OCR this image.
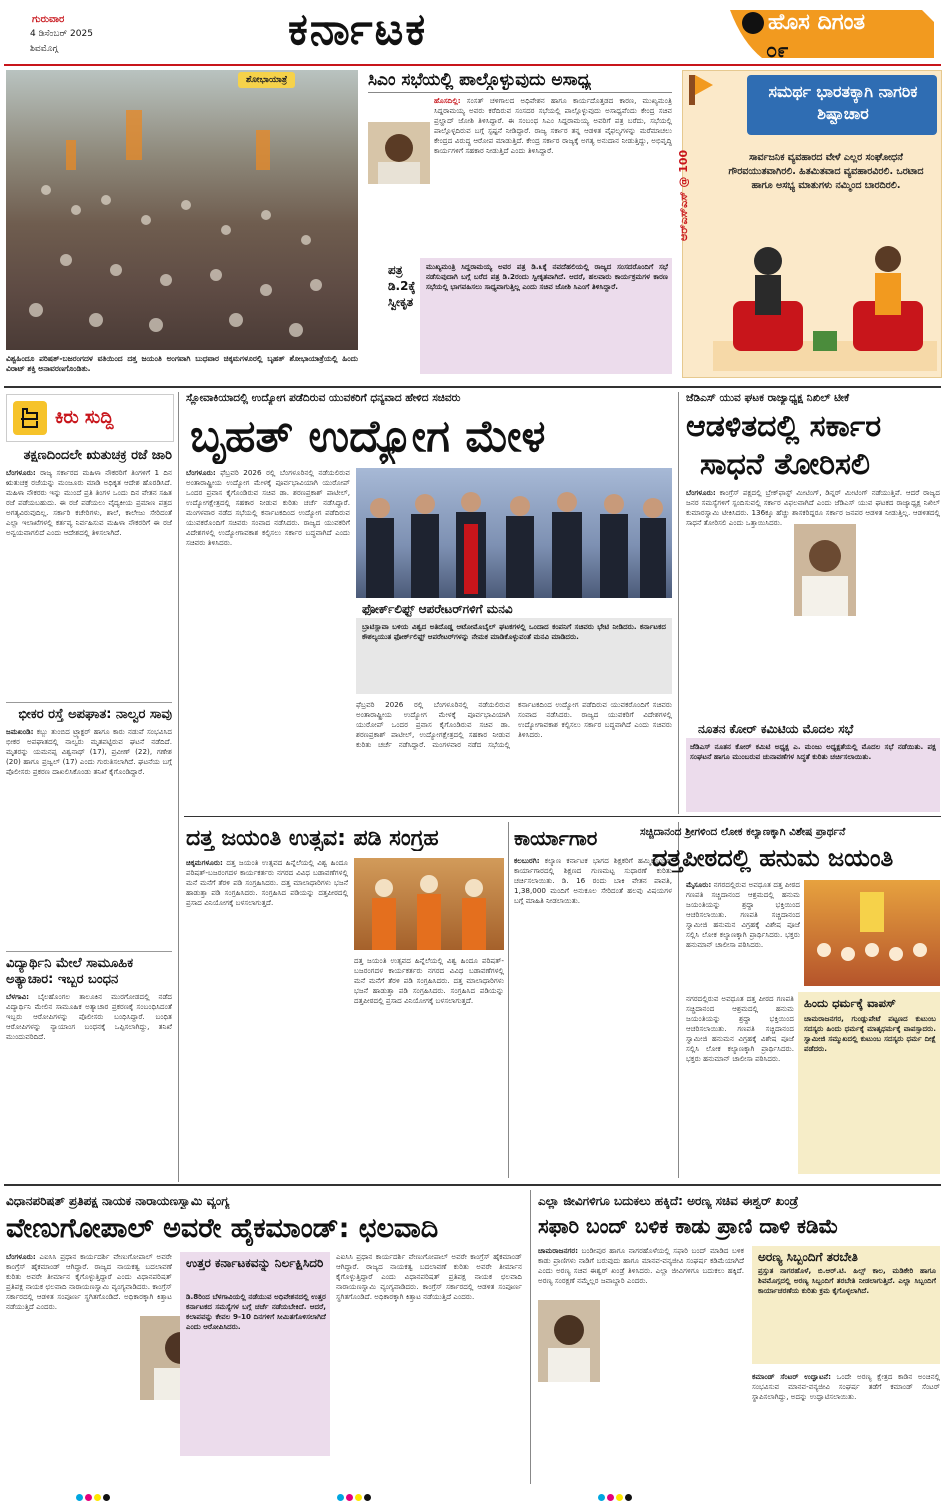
ಗುರುವಾರ
4 ಡಿಸೆಂಬರ್ 2025
ಶಿವಮೊಗ್ಗ	ಕರ್ನಾಟಕ	ಹೊಸ ದಿಗಂತ
೦೯
ಶೋಭಾಯಾತ್ರೆ
ವಿಶ್ವಹಿಂದೂ ಪರಿಷತ್-ಬಜರಂಗದಳ ವತಿಯಿಂದ ದತ್ತ ಜಯಂತಿ ಅಂಗವಾಗಿ ಬುಧವಾರ ಚಿಕ್ಕಮಗಳೂರಲ್ಲಿ ಬೃಹತ್ ಶೋಭಾಯಾತ್ರೆಯಲ್ಲಿ ಹಿಂದು ವಿರಾಟ್ ಶಕ್ತಿ ಅನಾವರಣಗೊಂಡಿತು.
ಸಿಎಂ ಸಭೆಯಲ್ಲಿ ಪಾಲ್ಗೊಳ್ಳುವುದು ಅಸಾಧ್ಯ
ಹೊಸದಿಲ್ಲಿ: ಸಂಸತ್ ಚಳಿಗಾಲದ ಅಧಿವೇಶನ ಹಾಗೂ ಕಾರ್ಯದೊತ್ತಡದ ಕಾರಣ, ಮುಖ್ಯಮಂತ್ರಿ ಸಿದ್ದರಾಮಯ್ಯ ಅವರು ಕರೆದಿರುವ ಸಂಸದರ ಸಭೆಯಲ್ಲಿ ಪಾಲ್ಗೊಳ್ಳುವುದು ಅಸಾಧ್ಯವೆಂದು ಕೇಂದ್ರ ಸಚಿವ ಪ್ರಲ್ಹಾದ್ ಜೋಶಿ ತಿಳಿಸಿದ್ದಾರೆ. ಈ ಸಂಬಂಧ ಸಿಎಂ ಸಿದ್ದರಾಮಯ್ಯ ಅವರಿಗೆ ಪತ್ರ ಬರೆದು, ಸಭೆಯಲ್ಲಿ ಪಾಲ್ಗೊಳ್ಳದಿರುವ ಬಗ್ಗೆ ಸ್ಪಷ್ಟನೆ ನೀಡಿದ್ದಾರೆ. ರಾಜ್ಯ ಸರ್ಕಾರ ತನ್ನ ಆಡಳಿತ ವೈಫಲ್ಯಗಳನ್ನು ಮರೆಮಾಚಲು ಕೇಂದ್ರದ ವಿರುದ್ಧ ಆರೋಪ ಮಾಡುತ್ತಿದೆ. ಕೇಂದ್ರ ಸರ್ಕಾರ ರಾಜ್ಯಕ್ಕೆ ಅಗತ್ಯ ಅನುದಾನ ನೀಡುತ್ತಿದ್ದು, ಅಭಿವೃದ್ಧಿ ಕಾರ್ಯಗಳಿಗೆ ಸಹಕಾರ ನೀಡುತ್ತಿದೆ ಎಂದು ತಿಳಿಸಿದ್ದಾರೆ.
ಪತ್ರ ಡಿ.2ಕ್ಕೆ ಸ್ವೀಕೃತ
ಮುಖ್ಯಮಂತ್ರಿ ಸಿದ್ದರಾಮಯ್ಯ ಅವರ ಪತ್ರ ಡಿ.೩ಕ್ಕೆ ನವದೆಹಲಿಯಲ್ಲಿ ರಾಜ್ಯದ ಸಂಸದರೊಂದಿಗೆ ಸಭೆ ನಡೆಸುವುದಾಗಿ ಬಗ್ಗೆ ಬರೆದ ಪತ್ರ ಡಿ.2ರಂದು ಸ್ವೀಕೃತವಾಗಿದೆ. ಆದರೆ, ಹಲವಾರು ಕಾರ್ಯಕ್ರಮಗಳ ಕಾರಣ ಸಭೆಯಲ್ಲಿ ಭಾಗವಹಿಸಲು ಸಾಧ್ಯವಾಗುತ್ತಿಲ್ಲ ಎಂದು ಸಚಿವ ಜೋಶಿ ಸಿಎಂಗೆ ತಿಳಿಸಿದ್ದಾರೆ.
ಸಮರ್ಥ ಭಾರತಕ್ಕಾಗಿ ನಾಗರಿಕ ಶಿಷ್ಟಾಚಾರ
ಆರ್‌ಎಸ್‌ಎಸ್ @ 100	ಸಾರ್ವಜನಿಕ ವ್ಯವಹಾರದ ವೇಳೆ ಎಲ್ಲರ ಸಂಘೋಧನೆ ಗೌರವಯುತವಾಗಿರಲಿ. ಹಿತಮಿತವಾದ ವ್ಯವಹಾರವಿರಲಿ. ಒರಟಾದ ಹಾಗೂ ಅಸಭ್ಯ ಮಾತುಗಳು ನಮ್ಮಿಂದ ಬಾರದಿರಲಿ.
ಕಿರು ಸುದ್ದಿ
ತಕ್ಷಣದಿಂದಲೇ ಋತುಚಕ್ರ ರಜೆ ಜಾರಿ
ಬೆಂಗಳೂರು: ರಾಜ್ಯ ಸರ್ಕಾರದ ಮಹಿಳಾ ನೌಕರರಿಗೆ ತಿಂಗಳಿಗೆ 1 ದಿನ ಋತುಚಕ್ರ ರಜೆಯನ್ನು ಮಂಜೂರು ಮಾಡಿ ಅಧಿಕೃತ ಆದೇಶ ಹೊರಡಿಸಿದೆ. ಮಹಿಳಾ ನೌಕರರು ಇನ್ನು ಮುಂದೆ ಪ್ರತಿ ತಿಂಗಳ ಒಂದು ದಿನ ವೇತನ ಸಹಿತ ರಜೆ ಪಡೆಯಬಹುದು. ಈ ರಜೆ ಪಡೆಯಲು ವೈದ್ಯಕೀಯ ಪ್ರಮಾಣ ಪತ್ರದ ಅಗತ್ಯವಿರುವುದಿಲ್ಲ. ಸರ್ಕಾರಿ ಕಚೇರಿಗಳು, ಶಾಲೆ, ಕಾಲೇಜು ಸೇರಿದಂತೆ ಎಲ್ಲಾ ಇಲಾಖೆಗಳಲ್ಲಿ ಕರ್ತವ್ಯ ನಿರ್ವಹಿಸುವ ಮಹಿಳಾ ನೌಕರರಿಗೆ ಈ ರಜೆ ಅನ್ವಯವಾಗಲಿದೆ ಎಂದು ಆದೇಶದಲ್ಲಿ ತಿಳಿಸಲಾಗಿದೆ.
ಭೀಕರ ರಸ್ತೆ ಅಪಘಾತ: ನಾಲ್ವರ ಸಾವು
ಜಮಖಂಡಿ: ಕಬ್ಬು ತುಂಬಿದ ಟ್ರ್ಯಾಕ್ಟರ್ ಹಾಗೂ ಕಾರು ನಡುವೆ ಸಂಭವಿಸಿದ ಭೀಕರ ಅಪಘಾತದಲ್ಲಿ ನಾಲ್ವರು ಮೃತಪಟ್ಟಿರುವ ಘಟನೆ ನಡೆದಿದೆ. ಮೃತರನ್ನು ಯಮನಪ್ಪ ವಿಶ್ವನಾಥ್ (17), ಪ್ರವೀಣ್ (22), ಗಣೇಶ (20) ಹಾಗೂ ಪ್ರಜ್ವಲ್ (17) ಎಂದು ಗುರುತಿಸಲಾಗಿದೆ. ಘಟನೆಯ ಬಗ್ಗೆ ಪೊಲೀಸರು ಪ್ರಕರಣ ದಾಖಲಿಸಿಕೊಂಡು ತನಿಖೆ ಕೈಗೊಂಡಿದ್ದಾರೆ.
ವಿದ್ಯಾರ್ಥಿನಿ ಮೇಲೆ ಸಾಮೂಹಿಕ ಅತ್ಯಾಚಾರ: ಇಬ್ಬರ ಬಂಧನ
ಬೆಳಗಾವಿ: ಬೈಲಹೊಂಗಲ ತಾಲೂಕಿನ ಮುರಗೋಡದಲ್ಲಿ ನಡೆದ ವಿದ್ಯಾರ್ಥಿನಿ ಮೇಲಿನ ಸಾಮೂಹಿಕ ಅತ್ಯಾಚಾರ ಪ್ರಕರಣಕ್ಕೆ ಸಂಬಂಧಿಸಿದಂತೆ ಇಬ್ಬರು ಆರೋಪಿಗಳನ್ನು ಪೊಲೀಸರು ಬಂಧಿಸಿದ್ದಾರೆ. ಬಂಧಿತ ಆರೋಪಿಗಳನ್ನು ನ್ಯಾಯಾಂಗ ಬಂಧನಕ್ಕೆ ಒಪ್ಪಿಸಲಾಗಿದ್ದು, ತನಿಖೆ ಮುಂದುವರಿದಿದೆ.
ಸ್ಲೋವಾಕಿಯಾದಲ್ಲಿ ಉದ್ಯೋಗ ಪಡೆದಿರುವ ಯುವಕರಿಗೆ ಧನ್ಯವಾದ ಹೇಳಿದ ಸಚಿವರು
ಬೃಹತ್ ಉದ್ಯೋಗ ಮೇಳ
ಬೆಂಗಳೂರು: ಫೆಬ್ರವರಿ 2026 ರಲ್ಲಿ ಬೆಂಗಳೂರಿನಲ್ಲಿ ನಡೆಯಲಿರುವ ಅಂತಾರಾಷ್ಟ್ರೀಯ ಉದ್ಯೋಗ ಮೇಳಕ್ಕೆ ಪೂರ್ವಭಾವಿಯಾಗಿ ಯುರೋಪ್ ಒಂದರ ಪ್ರವಾಸ ಕೈಗೊಂಡಿರುವ ಸಚಿವ ಡಾ. ಶರಣಪ್ರಕಾಶ್ ಪಾಟೀಲ್, ಉದ್ಯೋಗಕ್ಷೇತ್ರದಲ್ಲಿ ಸಹಕಾರ ನೀಡುವ ಕುರಿತು ಚರ್ಚೆ ನಡೆಸಿದ್ದಾರೆ. ಮಂಗಳವಾರ ನಡೆದ ಸಭೆಯಲ್ಲಿ ಕರ್ನಾಟಕದಿಂದ ಉದ್ಯೋಗ ಪಡೆದಿರುವ ಯುವಕರೊಂದಿಗೆ ಸಚಿವರು ಸಂವಾದ ನಡೆಸಿದರು. ರಾಜ್ಯದ ಯುವಕರಿಗೆ ವಿದೇಶಗಳಲ್ಲಿ ಉದ್ಯೋಗಾವಕಾಶ ಕಲ್ಪಿಸಲು ಸರ್ಕಾರ ಬದ್ಧವಾಗಿದೆ ಎಂದು ಸಚಿವರು ತಿಳಿಸಿದರು.
ಫೋರ್ಕ್‌ಲಿಫ್ಟ್ ಆಪರೇಟರ್‌ಗಳಿಗೆ ಮನವಿ
ಬ್ರಾಟಿಸ್ಲಾವಾ ಬಳಿಯ ವಿಶ್ವದ ಅತಿದೊಡ್ಡ ಆಟೋಮೊಬೈಲ್ ಘಟಕಗಳಲ್ಲಿ ಒಂದಾದ ಕಂಪನಿಗೆ ಸಚಿವರು ಭೇಟಿ ನೀಡಿದರು. ಕರ್ನಾಟಕದ ಕೌಶಲ್ಯಯುತ ಫೋರ್ಕ್‌ಲಿಫ್ಟ್ ಆಪರೇಟರ್‌ಗಳನ್ನು ನೇಮಕ ಮಾಡಿಕೊಳ್ಳುವಂತೆ ಮನವಿ ಮಾಡಿದರು.
ಫೆಬ್ರವರಿ 2026 ರಲ್ಲಿ ಬೆಂಗಳೂರಿನಲ್ಲಿ ನಡೆಯಲಿರುವ ಅಂತಾರಾಷ್ಟ್ರೀಯ ಉದ್ಯೋಗ ಮೇಳಕ್ಕೆ ಪೂರ್ವಭಾವಿಯಾಗಿ ಯುರೋಪ್ ಒಂದರ ಪ್ರವಾಸ ಕೈಗೊಂಡಿರುವ ಸಚಿವ ಡಾ. ಶರಣಪ್ರಕಾಶ್ ಪಾಟೀಲ್, ಉದ್ಯೋಗಕ್ಷೇತ್ರದಲ್ಲಿ ಸಹಕಾರ ನೀಡುವ ಕುರಿತು ಚರ್ಚೆ ನಡೆಸಿದ್ದಾರೆ. ಮಂಗಳವಾರ ನಡೆದ ಸಭೆಯಲ್ಲಿ ಕರ್ನಾಟಕದಿಂದ ಉದ್ಯೋಗ ಪಡೆದಿರುವ ಯುವಕರೊಂದಿಗೆ ಸಚಿವರು ಸಂವಾದ ನಡೆಸಿದರು. ರಾಜ್ಯದ ಯುವಕರಿಗೆ ವಿದೇಶಗಳಲ್ಲಿ ಉದ್ಯೋಗಾವಕಾಶ ಕಲ್ಪಿಸಲು ಸರ್ಕಾರ ಬದ್ಧವಾಗಿದೆ ಎಂದು ಸಚಿವರು ತಿಳಿಸಿದರು.
ಜೆಡಿಎಸ್ ಯುವ ಘಟಕ ರಾಜ್ಯಾಧ್ಯಕ್ಷ ನಿಖಿಲ್ ಟೀಕೆ
ಆಡಳಿತದಲ್ಲಿ ಸರ್ಕಾರ
ಸಾಧನೆ ತೋರಿಸಲಿ
ಬೆಂಗಳೂರು: ಕಾಂಗ್ರೆಸ್ ಪಕ್ಷದಲ್ಲಿ ಬ್ರೇಕ್‌ಫಾಸ್ಟ್ ಮೀಟಿಂಗ್, ಡಿನ್ನರ್ ಮೀಟಿಂಗ್ ನಡೆಯುತ್ತಿವೆ. ಆದರೆ ರಾಜ್ಯದ ಜನರ ಸಮಸ್ಯೆಗಳಿಗೆ ಸ್ಪಂದಿಸುವಲ್ಲಿ ಸರ್ಕಾರ ವಿಫಲವಾಗಿದೆ ಎಂದು ಜೆಡಿಎಸ್ ಯುವ ಘಟಕದ ರಾಜ್ಯಾಧ್ಯಕ್ಷ ನಿಖಿಲ್ ಕುಮಾರಸ್ವಾಮಿ ಟೀಕಿಸಿದರು. 136ಕ್ಕೂ ಹೆಚ್ಚು ಶಾಸಕರಿದ್ದರೂ ಸರ್ಕಾರ ಜನಪರ ಆಡಳಿತ ನೀಡುತ್ತಿಲ್ಲ. ಆಡಳಿತದಲ್ಲಿ ಸಾಧನೆ ತೋರಿಸಲಿ ಎಂದು ಒತ್ತಾಯಿಸಿದರು.
ನೂತನ ಕೋರ್ ಕಮಿಟಿಯ ಮೊದಲ ಸಭೆ
ಜೆಡಿಎಸ್ ನೂತನ ಕೋರ್ ಕಮಿಟಿ ಅಧ್ಯಕ್ಷ ಎ. ಮಂಜು ಅಧ್ಯಕ್ಷತೆಯಲ್ಲಿ ಮೊದಲ ಸಭೆ ನಡೆಯಿತು. ಪಕ್ಷ ಸಂಘಟನೆ ಹಾಗೂ ಮುಂಬರುವ ಚುನಾವಣೆಗಳ ಸಿದ್ಧತೆ ಕುರಿತು ಚರ್ಚಿಸಲಾಯಿತು.
ದತ್ತ ಜಯಂತಿ ಉತ್ಸವ: ಪಡಿ ಸಂಗ್ರಹ
ಚಿಕ್ಕಮಗಳೂರು: ದತ್ತ ಜಯಂತಿ ಉತ್ಸವದ ಹಿನ್ನೆಲೆಯಲ್ಲಿ ವಿಶ್ವ ಹಿಂದೂ ಪರಿಷತ್-ಬಜರಂಗದಳ ಕಾರ್ಯಕರ್ತರು ನಗರದ ವಿವಿಧ ಬಡಾವಣೆಗಳಲ್ಲಿ ಮನೆ ಮನೆಗೆ ತೆರಳಿ ಪಡಿ ಸಂಗ್ರಹಿಸಿದರು. ದತ್ತ ಮಾಲಾಧಾರಿಗಳು ಭಜನೆ ಹಾಡುತ್ತಾ ಪಡಿ ಸಂಗ್ರಹಿಸಿದರು. ಸಂಗ್ರಹಿಸಿದ ಪಡಿಯನ್ನು ದತ್ತಪೀಠದಲ್ಲಿ ಪ್ರಸಾದ ವಿನಿಯೋಗಕ್ಕೆ ಬಳಸಲಾಗುತ್ತದೆ.
ದತ್ತ ಜಯಂತಿ ಉತ್ಸವದ ಹಿನ್ನೆಲೆಯಲ್ಲಿ ವಿಶ್ವ ಹಿಂದೂ ಪರಿಷತ್-ಬಜರಂಗದಳ ಕಾರ್ಯಕರ್ತರು ನಗರದ ವಿವಿಧ ಬಡಾವಣೆಗಳಲ್ಲಿ ಮನೆ ಮನೆಗೆ ತೆರಳಿ ಪಡಿ ಸಂಗ್ರಹಿಸಿದರು. ದತ್ತ ಮಾಲಾಧಾರಿಗಳು ಭಜನೆ ಹಾಡುತ್ತಾ ಪಡಿ ಸಂಗ್ರಹಿಸಿದರು. ಸಂಗ್ರಹಿಸಿದ ಪಡಿಯನ್ನು ದತ್ತಪೀಠದಲ್ಲಿ ಪ್ರಸಾದ ವಿನಿಯೋಗಕ್ಕೆ ಬಳಸಲಾಗುತ್ತದೆ.
ಕಾರ್ಯಾಗಾರ
ಕಲಬುರಗಿ: ಕಲ್ಯಾಣ ಕರ್ನಾಟಕ ಭಾಗದ ಶಿಕ್ಷಕರಿಗೆ ಹಮ್ಮಿಕೊಂಡಿದ್ದ ಕಾರ್ಯಾಗಾರದಲ್ಲಿ ಶಿಕ್ಷಣದ ಗುಣಮಟ್ಟ ಸುಧಾರಣೆ ಕುರಿತು ಚರ್ಚಿಸಲಾಯಿತು. ಡಿ. 16 ರಂದು ಬಾಕಿ ವೇತನ ಪಾವತಿ, 1,38,000 ಮಂದಿಗೆ ಅನುಕೂಲ ಸೇರಿದಂತೆ ಹಲವು ವಿಷಯಗಳ ಬಗ್ಗೆ ಮಾಹಿತಿ ನೀಡಲಾಯಿತು.
ಸಚ್ಚಿದಾನಂದ ಶ್ರೀಗಳಿಂದ ಲೋಕ ಕಲ್ಯಾಣಕ್ಕಾಗಿ ವಿಶೇಷ ಪ್ರಾರ್ಥನೆ
ದತ್ತಪೀಠದಲ್ಲಿ ಹನುಮ ಜಯಂತಿ
ಮೈಸೂರು: ನಗರದಲ್ಲಿರುವ ಅವಧೂತ ದತ್ತ ಪೀಠದ ಗಣಪತಿ ಸಚ್ಚಿದಾನಂದ ಆಶ್ರಮದಲ್ಲಿ ಹನುಮ ಜಯಂತಿಯನ್ನು ಶ್ರದ್ಧಾ ಭಕ್ತಿಯಿಂದ ಆಚರಿಸಲಾಯಿತು. ಗಣಪತಿ ಸಚ್ಚಿದಾನಂದ ಸ್ವಾಮೀಜಿ ಹನುಮನ ವಿಗ್ರಹಕ್ಕೆ ವಿಶೇಷ ಪೂಜೆ ಸಲ್ಲಿಸಿ ಲೋಕ ಕಲ್ಯಾಣಕ್ಕಾಗಿ ಪ್ರಾರ್ಥಿಸಿದರು. ಭಕ್ತರು ಹನುಮಾನ್ ಚಾಲೀಸಾ ಪಠಿಸಿದರು.
ನಗರದಲ್ಲಿರುವ ಅವಧೂತ ದತ್ತ ಪೀಠದ ಗಣಪತಿ ಸಚ್ಚಿದಾನಂದ ಆಶ್ರಮದಲ್ಲಿ ಹನುಮ ಜಯಂತಿಯನ್ನು ಶ್ರದ್ಧಾ ಭಕ್ತಿಯಿಂದ ಆಚರಿಸಲಾಯಿತು. ಗಣಪತಿ ಸಚ್ಚಿದಾನಂದ ಸ್ವಾಮೀಜಿ ಹನುಮನ ವಿಗ್ರಹಕ್ಕೆ ವಿಶೇಷ ಪೂಜೆ ಸಲ್ಲಿಸಿ ಲೋಕ ಕಲ್ಯಾಣಕ್ಕಾಗಿ ಪ್ರಾರ್ಥಿಸಿದರು. ಭಕ್ತರು ಹನುಮಾನ್ ಚಾಲೀಸಾ ಪಠಿಸಿದರು.
ಹಿಂದು ಧರ್ಮಕ್ಕೆ ವಾಪಸ್
ಚಾಮರಾಜನಗರ, ಗುಂಡ್ಲುಪೇಟೆ ಪಟ್ಟಣದ ಕುಟುಂಬ ಸದಸ್ಯರು ಹಿಂದು ಧರ್ಮಕ್ಕೆ ಮಾತೃಧರ್ಮಕ್ಕೆ ವಾಪಸ್ಸಾದರು. ಸ್ವಾಮೀಜಿ ಸಮ್ಮುಖದಲ್ಲಿ ಕುಟುಂಬ ಸದಸ್ಯರು ಧರ್ಮ ದೀಕ್ಷೆ ಪಡೆದರು.
ವಿಧಾನಪರಿಷತ್ ಪ್ರತಿಪಕ್ಷ ನಾಯಕ ನಾರಾಯಣಸ್ವಾಮಿ ವ್ಯಂಗ್ಯ
ವೇಣುಗೋಪಾಲ್ ಅವರೇ ಹೈಕಮಾಂಡ್: ಛಲವಾದಿ
ಬೆಂಗಳೂರು: ಎಐಸಿಸಿ ಪ್ರಧಾನ ಕಾರ್ಯದರ್ಶಿ ವೇಣುಗೋಪಾಲ್ ಅವರೇ ಕಾಂಗ್ರೆಸ್ ಹೈಕಮಾಂಡ್ ಆಗಿದ್ದಾರೆ. ರಾಜ್ಯದ ನಾಯಕತ್ವ ಬದಲಾವಣೆ ಕುರಿತು ಅವರೇ ತೀರ್ಮಾನ ಕೈಗೊಳ್ಳುತ್ತಿದ್ದಾರೆ ಎಂದು ವಿಧಾನಪರಿಷತ್ ಪ್ರತಿಪಕ್ಷ ನಾಯಕ ಛಲವಾದಿ ನಾರಾಯಣಸ್ವಾಮಿ ವ್ಯಂಗ್ಯವಾಡಿದರು. ಕಾಂಗ್ರೆಸ್ ಸರ್ಕಾರದಲ್ಲಿ ಆಡಳಿತ ಸಂಪೂರ್ಣ ಸ್ಥಗಿತಗೊಂಡಿದೆ. ಅಧಿಕಾರಕ್ಕಾಗಿ ಕಿತ್ತಾಟ ನಡೆಯುತ್ತಿದೆ ಎಂದರು.
ಉತ್ತರ ಕರ್ನಾಟಕವನ್ನು ನಿರ್ಲಕ್ಷಿಸಿದರಿ
ಡಿ.8ರಿಂದ ಬೆಳಗಾವಿಯಲ್ಲಿ ನಡೆಯುವ ಅಧಿವೇಶನದಲ್ಲಿ ಉತ್ತರ ಕರ್ನಾಟಕದ ಸಮಸ್ಯೆಗಳ ಬಗ್ಗೆ ಚರ್ಚೆ ನಡೆಯಬೇಕಿದೆ. ಆದರೆ, ಕಲಾಪವನ್ನು ಕೇವಲ 9-10 ದಿನಗಳಿಗೆ ಸೀಮಿತಗೊಳಿಸಲಾಗಿದೆ ಎಂದು ಆರೋಪಿಸಿದರು.
ಎಐಸಿಸಿ ಪ್ರಧಾನ ಕಾರ್ಯದರ್ಶಿ ವೇಣುಗೋಪಾಲ್ ಅವರೇ ಕಾಂಗ್ರೆಸ್ ಹೈಕಮಾಂಡ್ ಆಗಿದ್ದಾರೆ. ರಾಜ್ಯದ ನಾಯಕತ್ವ ಬದಲಾವಣೆ ಕುರಿತು ಅವರೇ ತೀರ್ಮಾನ ಕೈಗೊಳ್ಳುತ್ತಿದ್ದಾರೆ ಎಂದು ವಿಧಾನಪರಿಷತ್ ಪ್ರತಿಪಕ್ಷ ನಾಯಕ ಛಲವಾದಿ ನಾರಾಯಣಸ್ವಾಮಿ ವ್ಯಂಗ್ಯವಾಡಿದರು. ಕಾಂಗ್ರೆಸ್ ಸರ್ಕಾರದಲ್ಲಿ ಆಡಳಿತ ಸಂಪೂರ್ಣ ಸ್ಥಗಿತಗೊಂಡಿದೆ. ಅಧಿಕಾರಕ್ಕಾಗಿ ಕಿತ್ತಾಟ ನಡೆಯುತ್ತಿದೆ ಎಂದರು.
ಎಲ್ಲಾ ಜೀವಿಗಳಿಗೂ ಬದುಕಲು ಹಕ್ಕಿದೆ: ಅರಣ್ಯ ಸಚಿವ ಈಶ್ವರ್ ಖಂಡ್ರೆ
ಸಫಾರಿ ಬಂದ್ ಬಳಿಕ ಕಾಡು ಪ್ರಾಣಿ ದಾಳಿ ಕಡಿಮೆ
ಚಾಮರಾಜನಗರ: ಬಂಡೀಪುರ ಹಾಗೂ ನಾಗರಹೊಳೆಯಲ್ಲಿ ಸಫಾರಿ ಬಂದ್ ಮಾಡಿದ ಬಳಿಕ ಕಾಡು ಪ್ರಾಣಿಗಳು ನಾಡಿಗೆ ಬರುವುದು ಹಾಗೂ ಮಾನವ-ವನ್ಯಜೀವಿ ಸಂಘರ್ಷ ಕಡಿಮೆಯಾಗಿದೆ ಎಂದು ಅರಣ್ಯ ಸಚಿವ ಈಶ್ವರ್ ಖಂಡ್ರೆ ತಿಳಿಸಿದರು. ಎಲ್ಲಾ ಜೀವಿಗಳಿಗೂ ಬದುಕಲು ಹಕ್ಕಿದೆ. ಅರಣ್ಯ ಸಂರಕ್ಷಣೆ ನಮ್ಮೆಲ್ಲರ ಜವಾಬ್ದಾರಿ ಎಂದರು.
ಅರಣ್ಯ ಸಿಬ್ಬಂದಿಗೆ ತರಬೇತಿ
ಪ್ರಸ್ತುತ ನಾಗರಹೊಳೆ, ಬಿ.ಆರ್.ಟಿ. ಹಿಲ್ಸ್ ಕಾಲ, ಮಡಿಕೇರಿ ಹಾಗೂ ಶಿವಮೊಗ್ಗದಲ್ಲಿ ಅರಣ್ಯ ಸಿಬ್ಬಂದಿಗೆ ತರಬೇತಿ ನೀಡಲಾಗುತ್ತಿದೆ. ಎಲ್ಲಾ ಸಿಬ್ಬಂದಿಗೆ ಕಾರ್ಯಾಚರಣೆಯ ಕುರಿತು ಕ್ರಮ ಕೈಗೊಳ್ಳಲಾಗಿದೆ.
ಕಮಾಂಡ್ ಸೆಂಟರ್ ಉದ್ಘಾಟನೆ: ಒಂದೇ ಅರಣ್ಯ ಕ್ಷೇತ್ರದ ಕಾಡಿನ ಅಂಚಿನಲ್ಲಿ ಸಂಭವಿಸುವ ಮಾನವ-ವನ್ಯಜೀವಿ ಸಂಘರ್ಷ ತಡೆಗೆ ಕಮಾಂಡ್ ಸೆಂಟರ್ ಸ್ಥಾಪಿಸಲಾಗಿದ್ದು, ಅದನ್ನು ಉದ್ಘಾಟಿಸಲಾಯಿತು.
